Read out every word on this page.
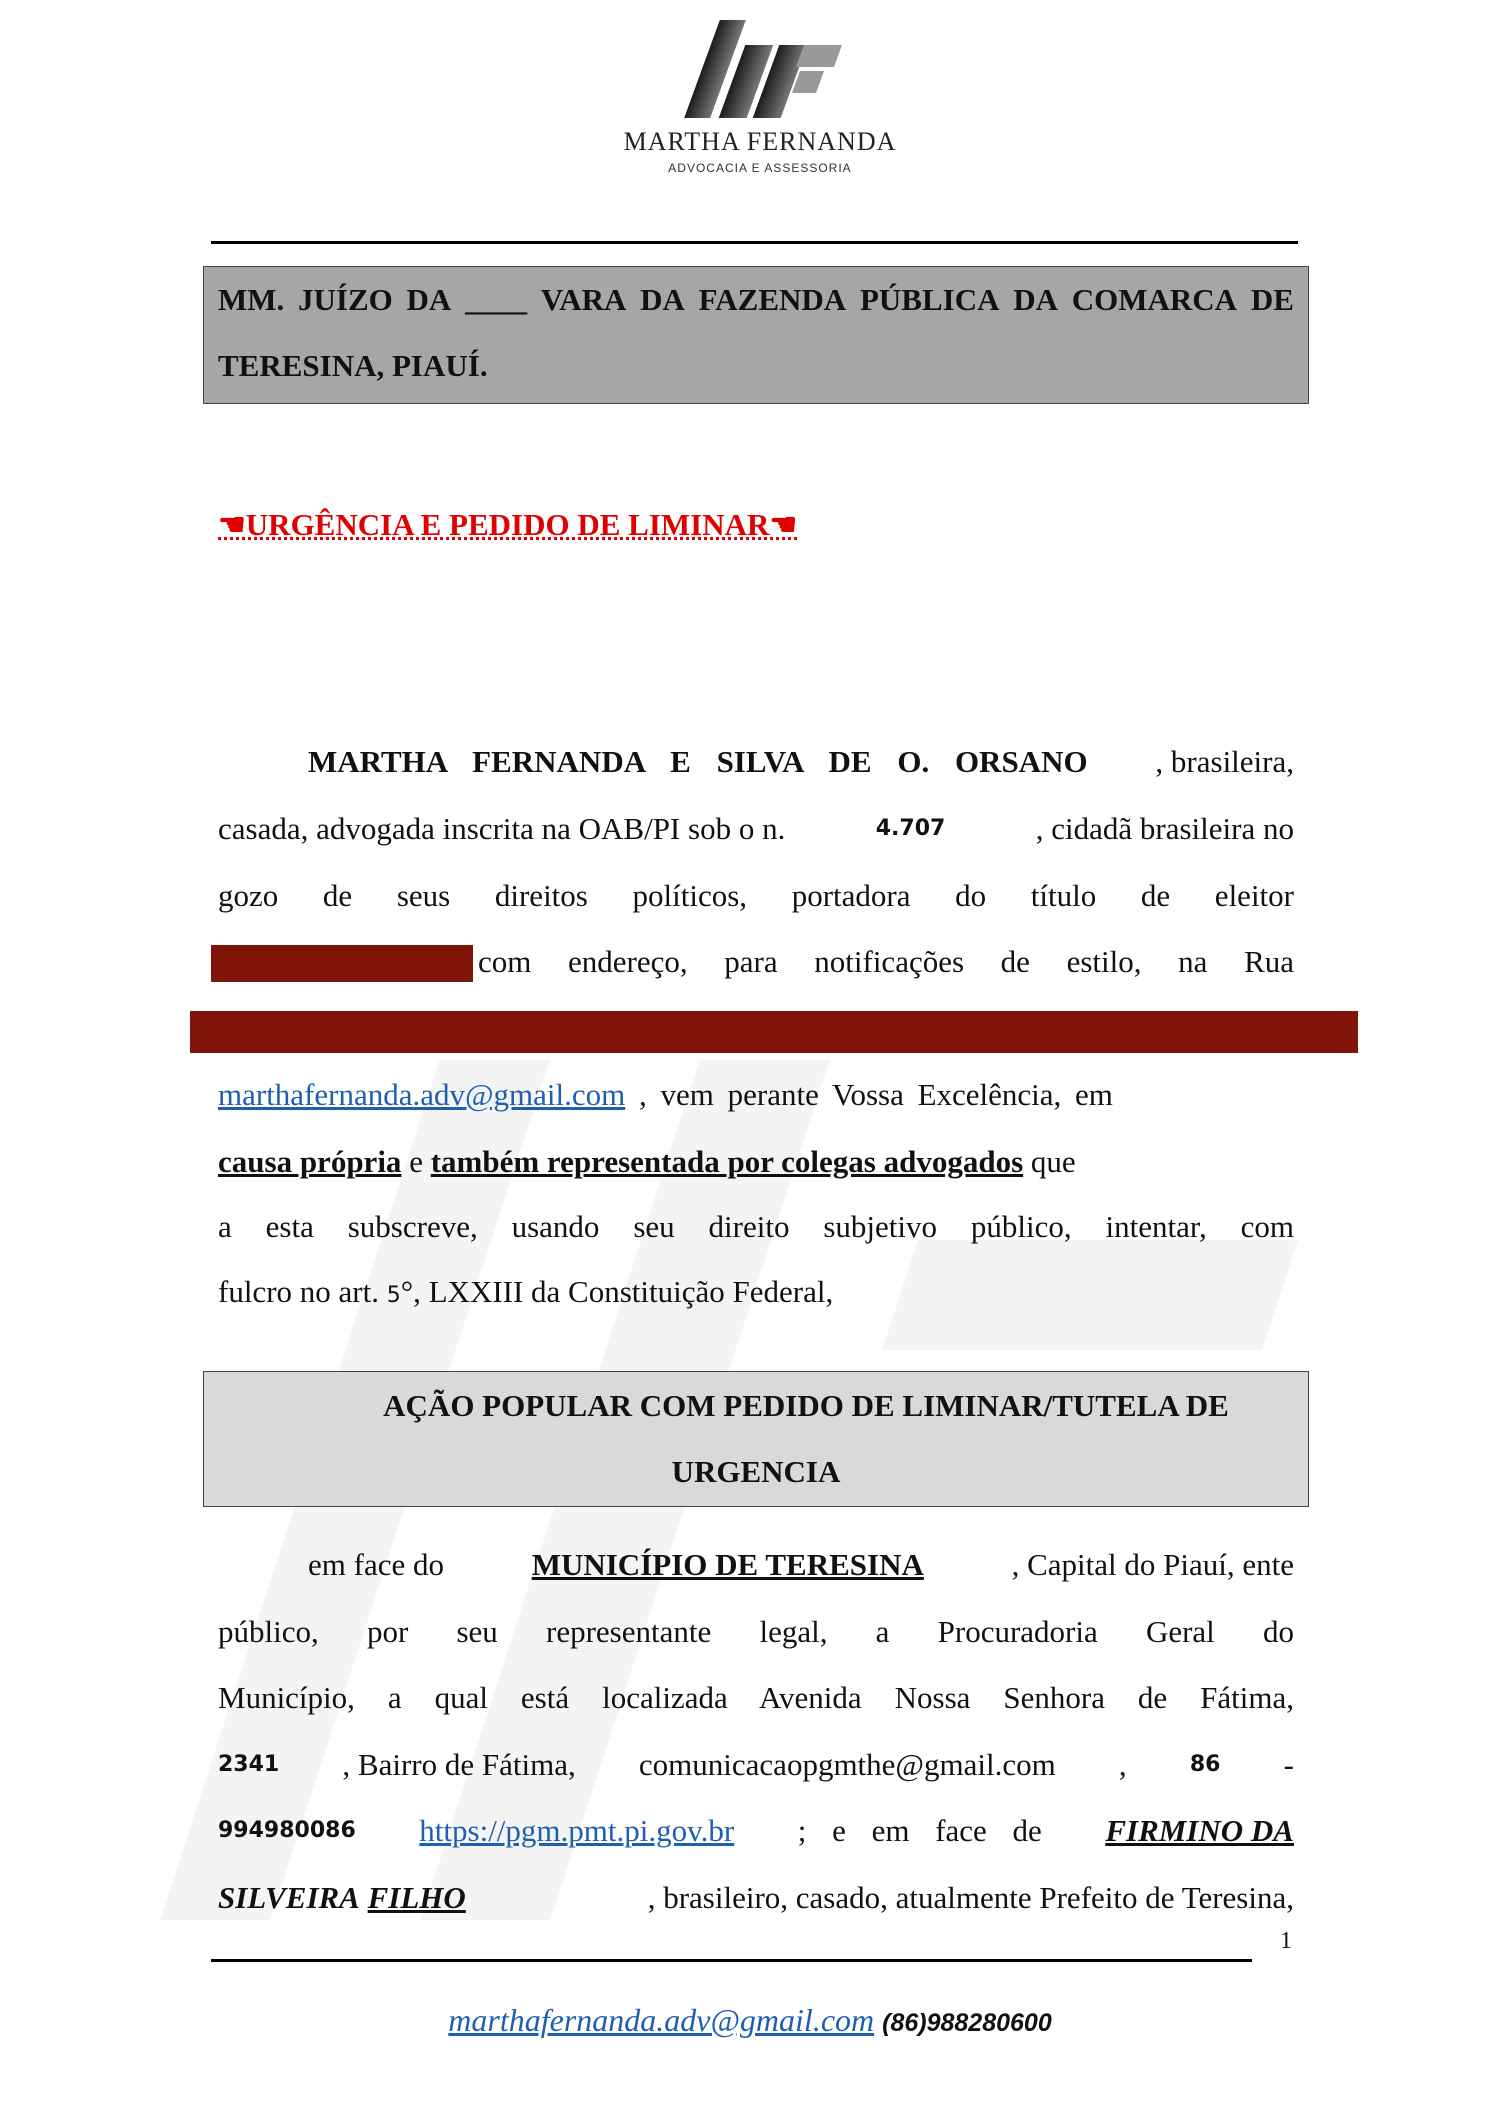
MARTHA FERNANDA
ADVOCACIA E ASSESSORIA
MM. JUÍZO DA ____ VARA DA FAZENDA PÚBLICA DA COMARCA DE
TERESINA, PIAUÍ.
☚URGÊNCIA E PEDIDO DE LIMINAR☚
MARTHA FERNANDA E SILVA DE O. ORSANO , brasileira,
casada, advogada inscrita na OAB/PI sob o n.	4.707	, cidadã brasileira no
gozo de seus direitos políticos, portadora do título de eleitor
com endereço, para notificações de estilo, na Rua
marthafernanda.adv@gmail.com , vem perante Vossa Excelência, em
causa própria e também representada por colegas advogados que
a esta subscreve, usando seu direito subjetivo público, intentar, com
fulcro no art. 5°, LXXIII da Constituição Federal,
AÇÃO POPULAR COM PEDIDO DE LIMINAR/TUTELA DE
URGENCIA
em face do	MUNICÍPIO DE TERESINA	, Capital do Piauí, ente
público, por seu representante legal, a Procuradoria Geral do
Município, a qual está localizada Avenida Nossa Senhora de Fátima,
2341 , Bairro de Fátima, comunicacaopgmthe@gmail.com ,	86 -
994980086 https://pgm.pmt.pi.gov.br ; e em face de FIRMINO DA
SILVEIRA FILHO	, brasileiro, casado, atualmente Prefeito de Teresina,
1
marthafernanda.adv@gmail.com (86)988280600
